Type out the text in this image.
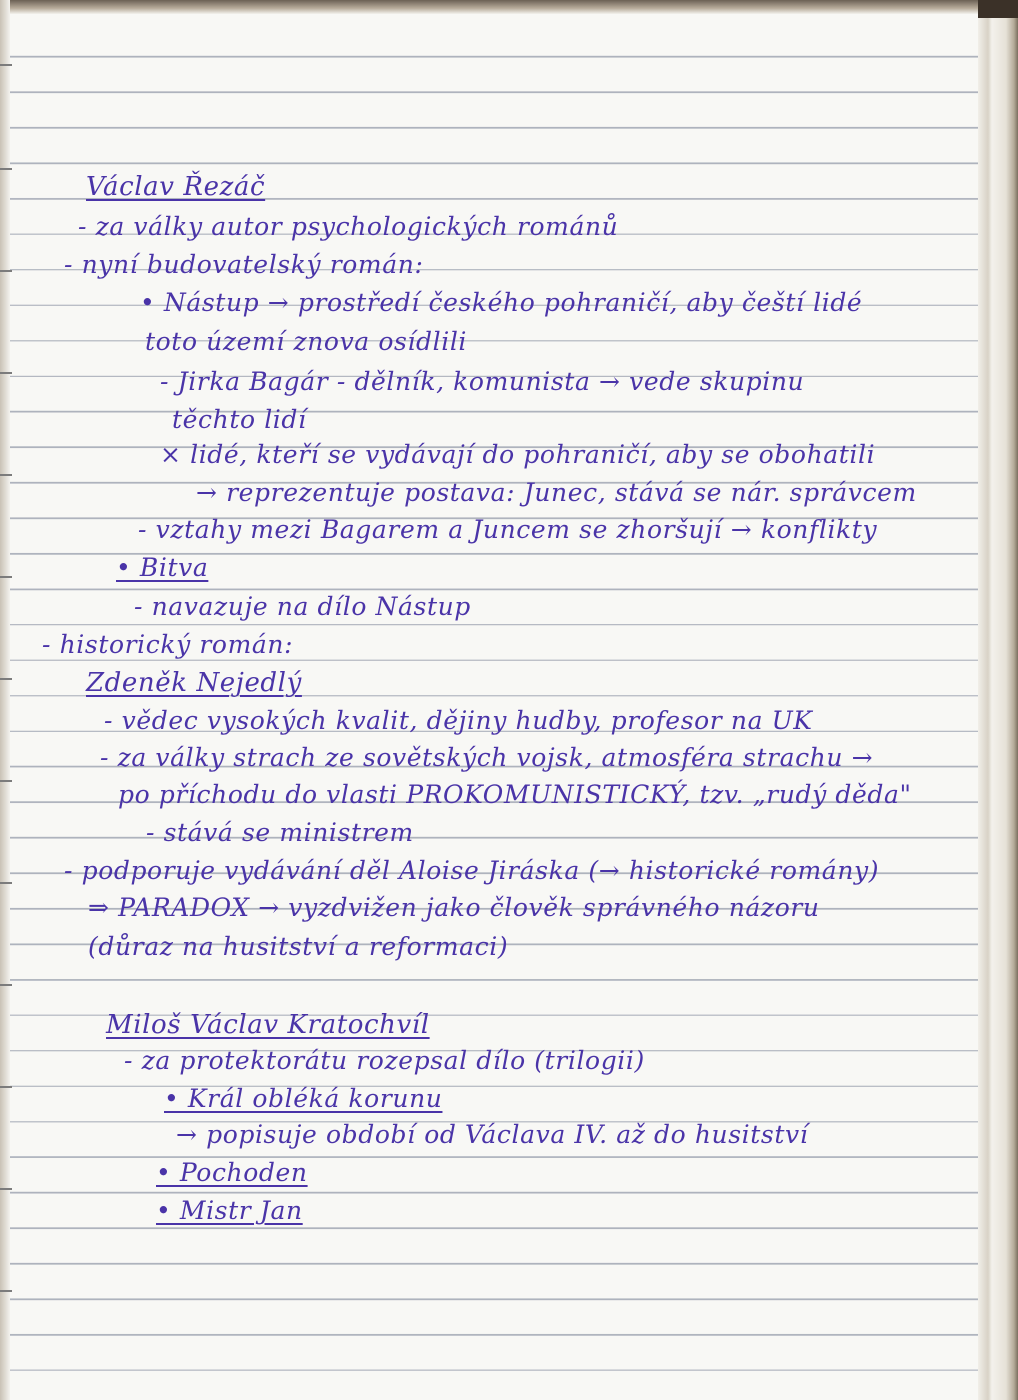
Václav Řezáč
- za války autor psychologických románů
- nyní budovatelský román:
• Nástup → prostředí českého pohraničí, aby čeští lidé
toto území znova osídlili
- Jirka Bagár - dělník, komunista → vede skupinu
těchto lidí
× lidé, kteří se vydávají do pohraničí, aby se obohatili
→ reprezentuje postava: Junec, stává se nár. správcem
- vztahy mezi Bagarem a Juncem se zhoršují → konflikty
• Bitva
- navazuje na dílo Nástup
- historický román:
Zdeněk Nejedlý
- vědec vysokých kvalit, dějiny hudby, profesor na UK
- za války strach ze sovětských vojsk, atmosféra strachu →
po příchodu do vlasti PROKOMUNISTICKÝ, tzv. „rudý děda"
- stává se ministrem
- podporuje vydávání děl Aloise Jiráska (→ historické romány)
⇒ PARADOX → vyzdvižen jako člověk správného názoru
(důraz na husitství a reformaci)
Miloš Václav Kratochvíl
- za protektorátu rozepsal dílo (trilogii)
• Král obléká korunu
→ popisuje období od Václava IV. až do husitství
• Pochoden
• Mistr Jan
